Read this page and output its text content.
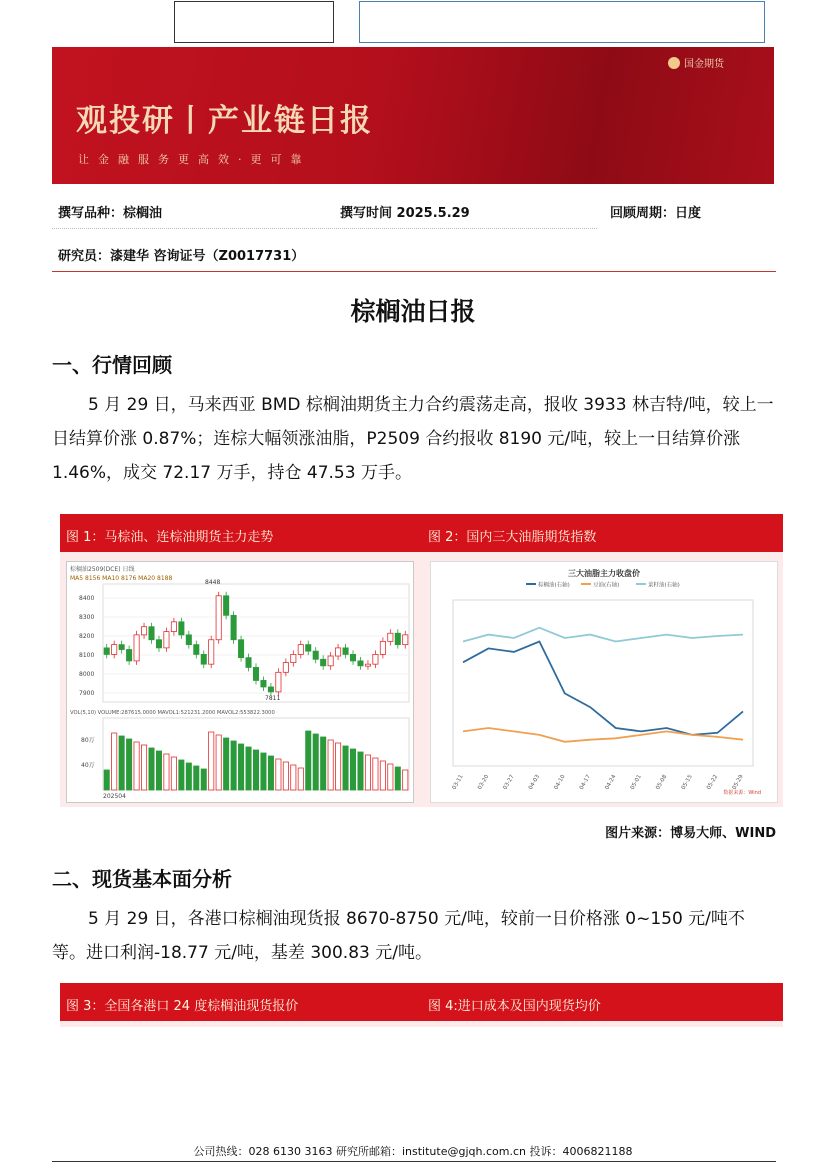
国金期货
观投研丨产业链日报
让金融服务更高效·更可靠
撰写品种：棕榈油	撰写时间 2025.5.29	回顾周期：日度
研究员：漆建华 咨询证号（Z0017731）
棕榈油日报
一、行情回顾
5 月 29 日，马来西亚 BMD 棕榈油期货主力合约震荡走高，报收 3933 林吉特/吨，较上一日结算价涨 0.87%；连棕大幅领涨油脂，P2509 合约报收 8190 元/吨，较上一日结算价涨 1.46%，成交 72.17 万手，持仓 47.53 万手。
图 1：马棕油、连棕油期货主力走势	图 2：国内三大油脂期货指数
棕榈油2509(DCE) 日线
MA5 8156 MA10 8176 MA20 8188
8400
8300
8200
8100
8000
7900
8448
7811
VOL(5,10) VOLUME:287615.0000 MAVOL1:521231.2000 MAVOL2:553822.3000
80万
40万
202504
三大油脂主力收盘价
棕榈油(右轴)	豆油(右轴)	菜籽油(右轴)
03-11 03-20 03-27 04-03 04-10 04-17 04-24 05-01 05-08 05-15 05-22 05-29
数据来源：Wind
图片来源：博易大师、WIND
二、现货基本面分析
5 月 29 日，各港口棕榈油现货报 8670-8750 元/吨，较前一日价格涨 0~150 元/吨不等。进口利润-18.77 元/吨，基差 300.83 元/吨。
图 3：全国各港口 24 度棕榈油现货报价	图 4:进口成本及国内现货均价
公司热线：028 6130 3163 研究所邮箱：institute@gjqh.com.cn 投诉：4006821188
